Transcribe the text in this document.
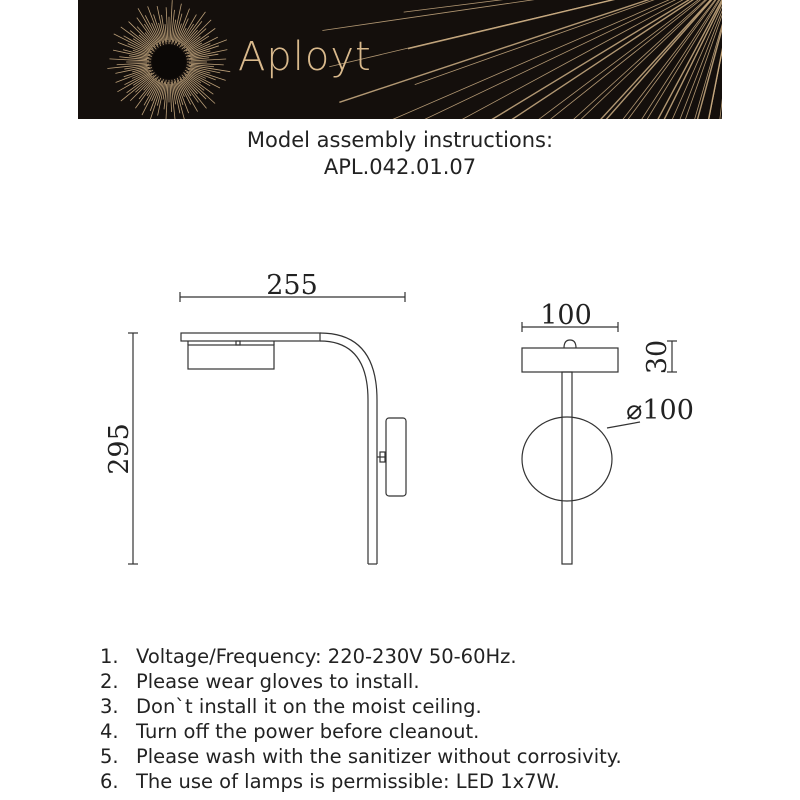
Aployt
Model assembly instructions:
APL.042.01.07
255
295
100
30
⌀100
1. Voltage/Frequency: 220-230V 50-60Hz.
2. Please wear gloves to install.
3. Don`t install it on the moist ceiling.
4. Turn off the power before cleanout.
5. Please wash with the sanitizer without corrosivity.
6. The use of lamps is permissible: LED 1x7W.
